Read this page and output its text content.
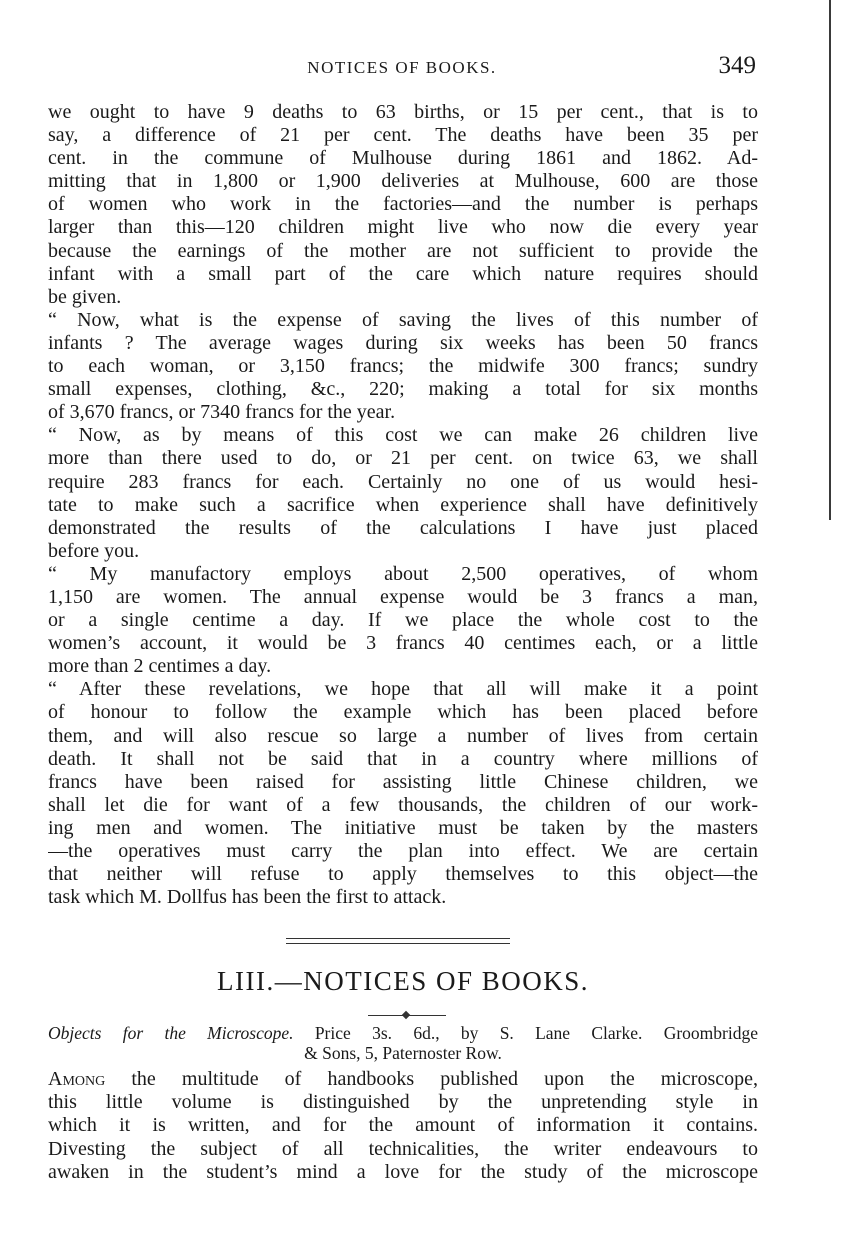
NOTICES OF BOOKS.	349
we ought to have 9 deaths to 63 births, or 15 per cent., that is to
say, a difference of 21 per cent. The deaths have been 35 per
cent. in the commune of Mulhouse during 1861 and 1862. Ad-
mitting that in 1,800 or 1,900 deliveries at Mulhouse, 600 are those
of women who work in the factories—and the number is perhaps
larger than this—120 children might live who now die every year
because the earnings of the mother are not sufficient to provide the
infant with a small part of the care which nature requires should
be given.
“ Now, what is the expense of saving the lives of this number of
infants ? The average wages during six weeks has been 50 francs
to each woman, or 3,150 francs; the midwife 300 francs; sundry
small expenses, clothing, &c., 220; making a total for six months
of 3,670 francs, or 7340 francs for the year.
“ Now, as by means of this cost we can make 26 children live
more than there used to do, or 21 per cent. on twice 63, we shall
require 283 francs for each. Certainly no one of us would hesi-
tate to make such a sacrifice when experience shall have definitively
demonstrated the results of the calculations I have just placed
before you.
“ My manufactory employs about 2,500 operatives, of whom
1,150 are women. The annual expense would be 3 francs a man,
or a single centime a day. If we place the whole cost to the
women’s account, it would be 3 francs 40 centimes each, or a little
more than 2 centimes a day.
“ After these revelations, we hope that all will make it a point
of honour to follow the example which has been placed before
them, and will also rescue so large a number of lives from certain
death. It shall not be said that in a country where millions of
francs have been raised for assisting little Chinese children, we
shall let die for want of a few thousands, the children of our work-
ing men and women. The initiative must be taken by the masters
—the operatives must carry the plan into effect. We are certain
that neither will refuse to apply themselves to this object—the
task which M. Dollfus has been the first to attack.
LIII.—NOTICES OF BOOKS.
Objects for the Microscope. Price 3s. 6d., by S. Lane Clarke. Groombridge
& Sons, 5, Paternoster Row.
Among the multitude of handbooks published upon the microscope,
this little volume is distinguished by the unpretending style in
which it is written, and for the amount of information it contains.
Divesting the subject of all technicalities, the writer endeavours to
awaken in the student’s mind a love for the study of the microscope
